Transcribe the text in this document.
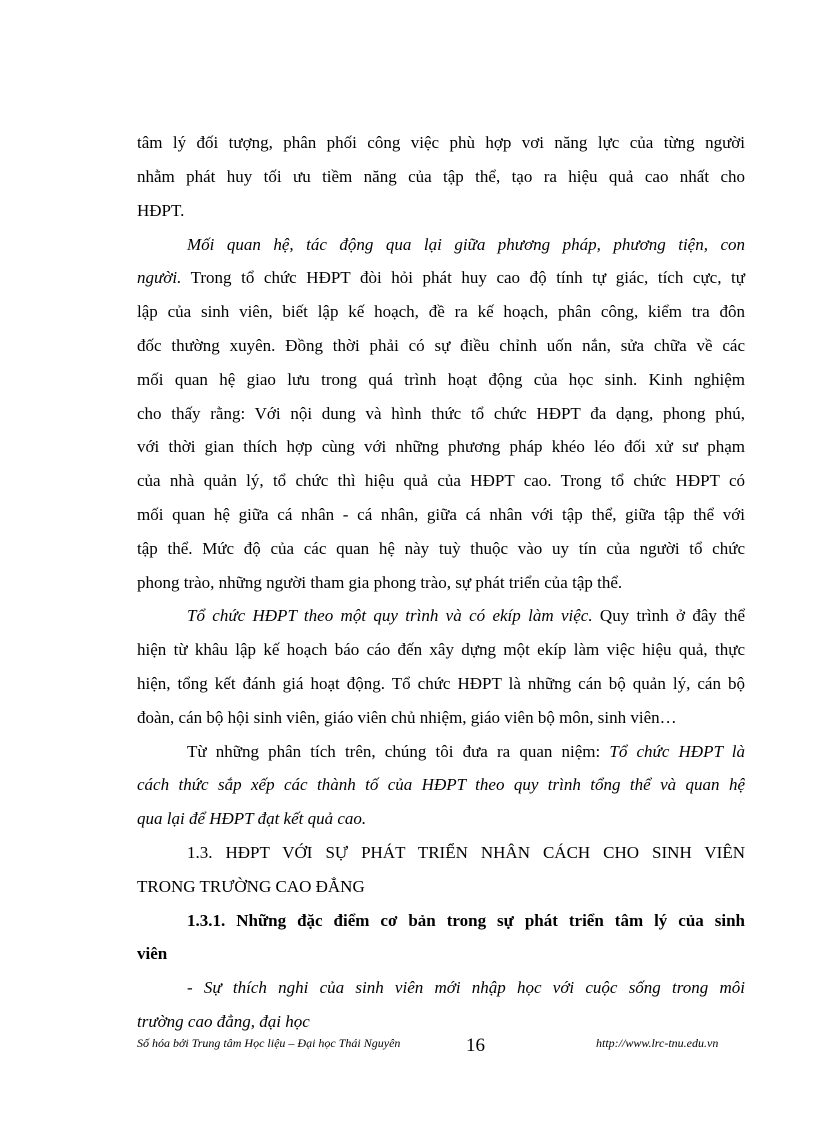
tâm lý đối tượng, phân phối công việc phù hợp vơi năng lực của từng người
nhằm phát huy tối ưu tiềm năng của tập thể, tạo ra hiệu quả cao nhất cho
HĐPT.
Mối quan hệ, tác động qua lại giữa phương pháp, phương tiện, con
người. Trong tổ chức HĐPT đòi hỏi phát huy cao độ tính tự giác, tích cực, tự
lập của sinh viên, biết lập kế hoạch, đề ra kế hoạch, phân công, kiểm tra đôn
đốc thường xuyên. Đồng thời phải có sự điều chỉnh uốn nắn, sửa chữa về các
mối quan hệ giao lưu trong quá trình hoạt động của học sinh. Kinh nghiệm
cho thấy rằng: Với nội dung và hình thức tổ chức HĐPT đa dạng, phong phú,
với thời gian thích hợp cùng với những phương pháp khéo léo đối xử sư phạm
của nhà quản lý, tổ chức thì hiệu quả của HĐPT cao. Trong tổ chức HĐPT có
mối quan hệ giữa cá nhân - cá nhân, giữa cá nhân với tập thể, giữa tập thể với
tập thể. Mức độ của các quan hệ này tuỳ thuộc vào uy tín của người tổ chức
phong trào, những người tham gia phong trào, sự phát triển của tập thể.
Tổ chức HĐPT theo một quy trình và có ekíp làm việc. Quy trình ở đây thể
hiện từ khâu lập kế hoạch báo cáo đến xây dựng một ekíp làm việc hiệu quả, thực
hiện, tổng kết đánh giá hoạt động. Tổ chức HĐPT là những cán bộ quản lý, cán bộ
đoàn, cán bộ hội sinh viên, giáo viên chủ nhiệm, giáo viên bộ môn, sinh viên…
Từ những phân tích trên, chúng tôi đưa ra quan niệm: Tổ chức HĐPT là
cách thức sắp xếp các thành tố của HĐPT theo quy trình tổng thể và quan hệ
qua lại để HĐPT đạt kết quả cao.
1.3. HĐPT VỚI SỰ PHÁT TRIỂN NHÂN CÁCH CHO SINH VIÊN
TRONG TRƯỜNG CAO ĐẲNG
1.3.1. Những đặc điểm cơ bản trong sự phát triển tâm lý của sinh
viên
- Sự thích nghi của sinh viên mới nhập học với cuộc sống trong môi
trường cao đẳng, đại học
Số hóa bởi Trung tâm Học liệu – Đại học Thái Nguyên	16	http://www.lrc-tnu.edu.vn
